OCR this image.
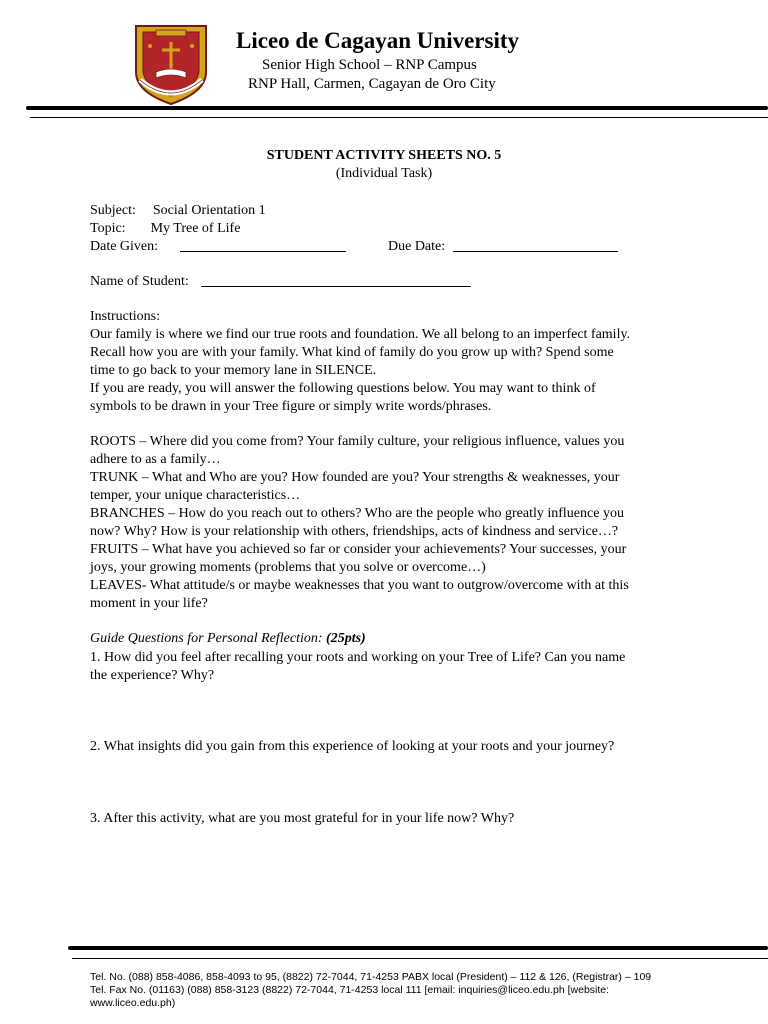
Liceo de Cagayan University
Senior High School – RNP Campus
RNP Hall, Carmen, Cagayan de Oro City
STUDENT ACTIVITY SHEETS NO. 5
(Individual Task)
Subject: Social Orientation 1
Topic: My Tree of Life
Date Given:	Due Date:
Name of Student:
Instructions:
Our family is where we find our true roots and foundation. We all belong to an imperfect family.
Recall how you are with your family. What kind of family do you grow up with? Spend some
time to go back to your memory lane in SILENCE.
If you are ready, you will answer the following questions below. You may want to think of
symbols to be drawn in your Tree figure or simply write words/phrases.
ROOTS – Where did you come from? Your family culture, your religious influence, values you
adhere to as a family…
TRUNK – What and Who are you? How founded are you? Your strengths & weaknesses, your
temper, your unique characteristics…
BRANCHES – How do you reach out to others? Who are the people who greatly influence you
now? Why? How is your relationship with others, friendships, acts of kindness and service…?
FRUITS – What have you achieved so far or consider your achievements? Your successes, your
joys, your growing moments (problems that you solve or overcome…)
LEAVES- What attitude/s or maybe weaknesses that you want to outgrow/overcome with at this
moment in your life?
Guide Questions for Personal Reflection: (25pts)
1. How did you feel after recalling your roots and working on your Tree of Life? Can you name
the experience? Why?
2. What insights did you gain from this experience of looking at your roots and your journey?
3. After this activity, what are you most grateful for in your life now? Why?
Tel. No. (088) 858-4086, 858-4093 to 95, (8822) 72-7044, 71-4253 PABX local (President) – 112 & 126, (Registrar) – 109
Tel. Fax No. (01163) (088) 858-3123 (8822) 72-7044, 71-4253 local 111 [email: inquiries@liceo.edu.ph [website:
www.liceo.edu.ph)
